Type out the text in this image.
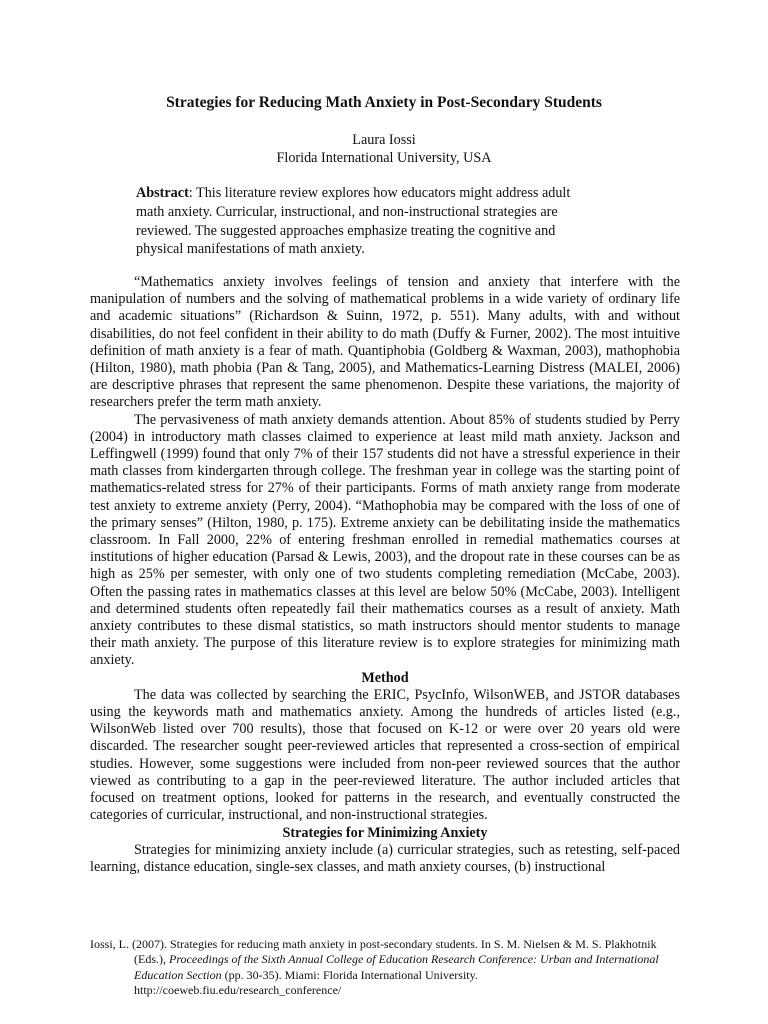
Strategies for Reducing Math Anxiety in Post-Secondary Students
Laura Iossi
Florida International University, USA
Abstract: This literature review explores how educators might address adult math anxiety. Curricular, instructional, and non-instructional strategies are reviewed. The suggested approaches emphasize treating the cognitive and physical manifestations of math anxiety.

“Mathematics anxiety involves feelings of tension and anxiety that interfere with the manipulation of numbers and the solving of mathematical problems in a wide variety of ordinary life and academic situations” (Richardson & Suinn, 1972, p. 551). Many adults, with and without disabilities, do not feel confident in their ability to do math (Duffy & Furner, 2002). The most intuitive definition of math anxiety is a fear of math. Quantiphobia (Goldberg & Waxman, 2003), mathophobia (Hilton, 1980), math phobia (Pan & Tang, 2005), and Mathematics-Learning Distress (MALEI, 2006) are descriptive phrases that represent the same phenomenon. Despite these variations, the majority of researchers prefer the term math anxiety.

The pervasiveness of math anxiety demands attention. About 85% of students studied by Perry (2004) in introductory math classes claimed to experience at least mild math anxiety. Jackson and Leffingwell (1999) found that only 7% of their 157 students did not have a stressful experience in their math classes from kindergarten through college. The freshman year in college was the starting point of mathematics-related stress for 27% of their participants. Forms of math anxiety range from moderate test anxiety to extreme anxiety (Perry, 2004). “Mathophobia may be compared with the loss of one of the primary senses” (Hilton, 1980, p. 175). Extreme anxiety can be debilitating inside the mathematics classroom. In Fall 2000, 22% of entering freshman enrolled in remedial mathematics courses at institutions of higher education (Parsad & Lewis, 2003), and the dropout rate in these courses can be as high as 25% per semester, with only one of two students completing remediation (McCabe, 2003). Often the passing rates in mathematics classes at this level are below 50% (McCabe, 2003). Intelligent and determined students often repeatedly fail their mathematics courses as a result of anxiety. Math anxiety contributes to these dismal statistics, so math instructors should mentor students to manage their math anxiety. The purpose of this literature review is to explore strategies for minimizing math anxiety.

Method

The data was collected by searching the ERIC, PsycInfo, WilsonWEB, and JSTOR databases using the keywords math and mathematics anxiety. Among the hundreds of articles listed (e.g., WilsonWeb listed over 700 results), those that focused on K-12 or were over 20 years old were discarded. The researcher sought peer-reviewed articles that represented a cross-section of empirical studies. However, some suggestions were included from non-peer reviewed sources that the author viewed as contributing to a gap in the peer-reviewed literature. The author included articles that focused on treatment options, looked for patterns in the research, and eventually constructed the categories of curricular, instructional, and non-instructional strategies.

Strategies for Minimizing Anxiety

Strategies for minimizing anxiety include (a) curricular strategies, such as retesting, self-paced learning, distance education, single-sex classes, and math anxiety courses, (b) instructional

Iossi, L. (2007). Strategies for reducing math anxiety in post-secondary students. In S. M. Nielsen & M. S. Plakhotnik (Eds.), Proceedings of the Sixth Annual College of Education Research Conference: Urban and International Education Section (pp. 30-35). Miami: Florida International University.
http://coeweb.fiu.edu/research_conference/
